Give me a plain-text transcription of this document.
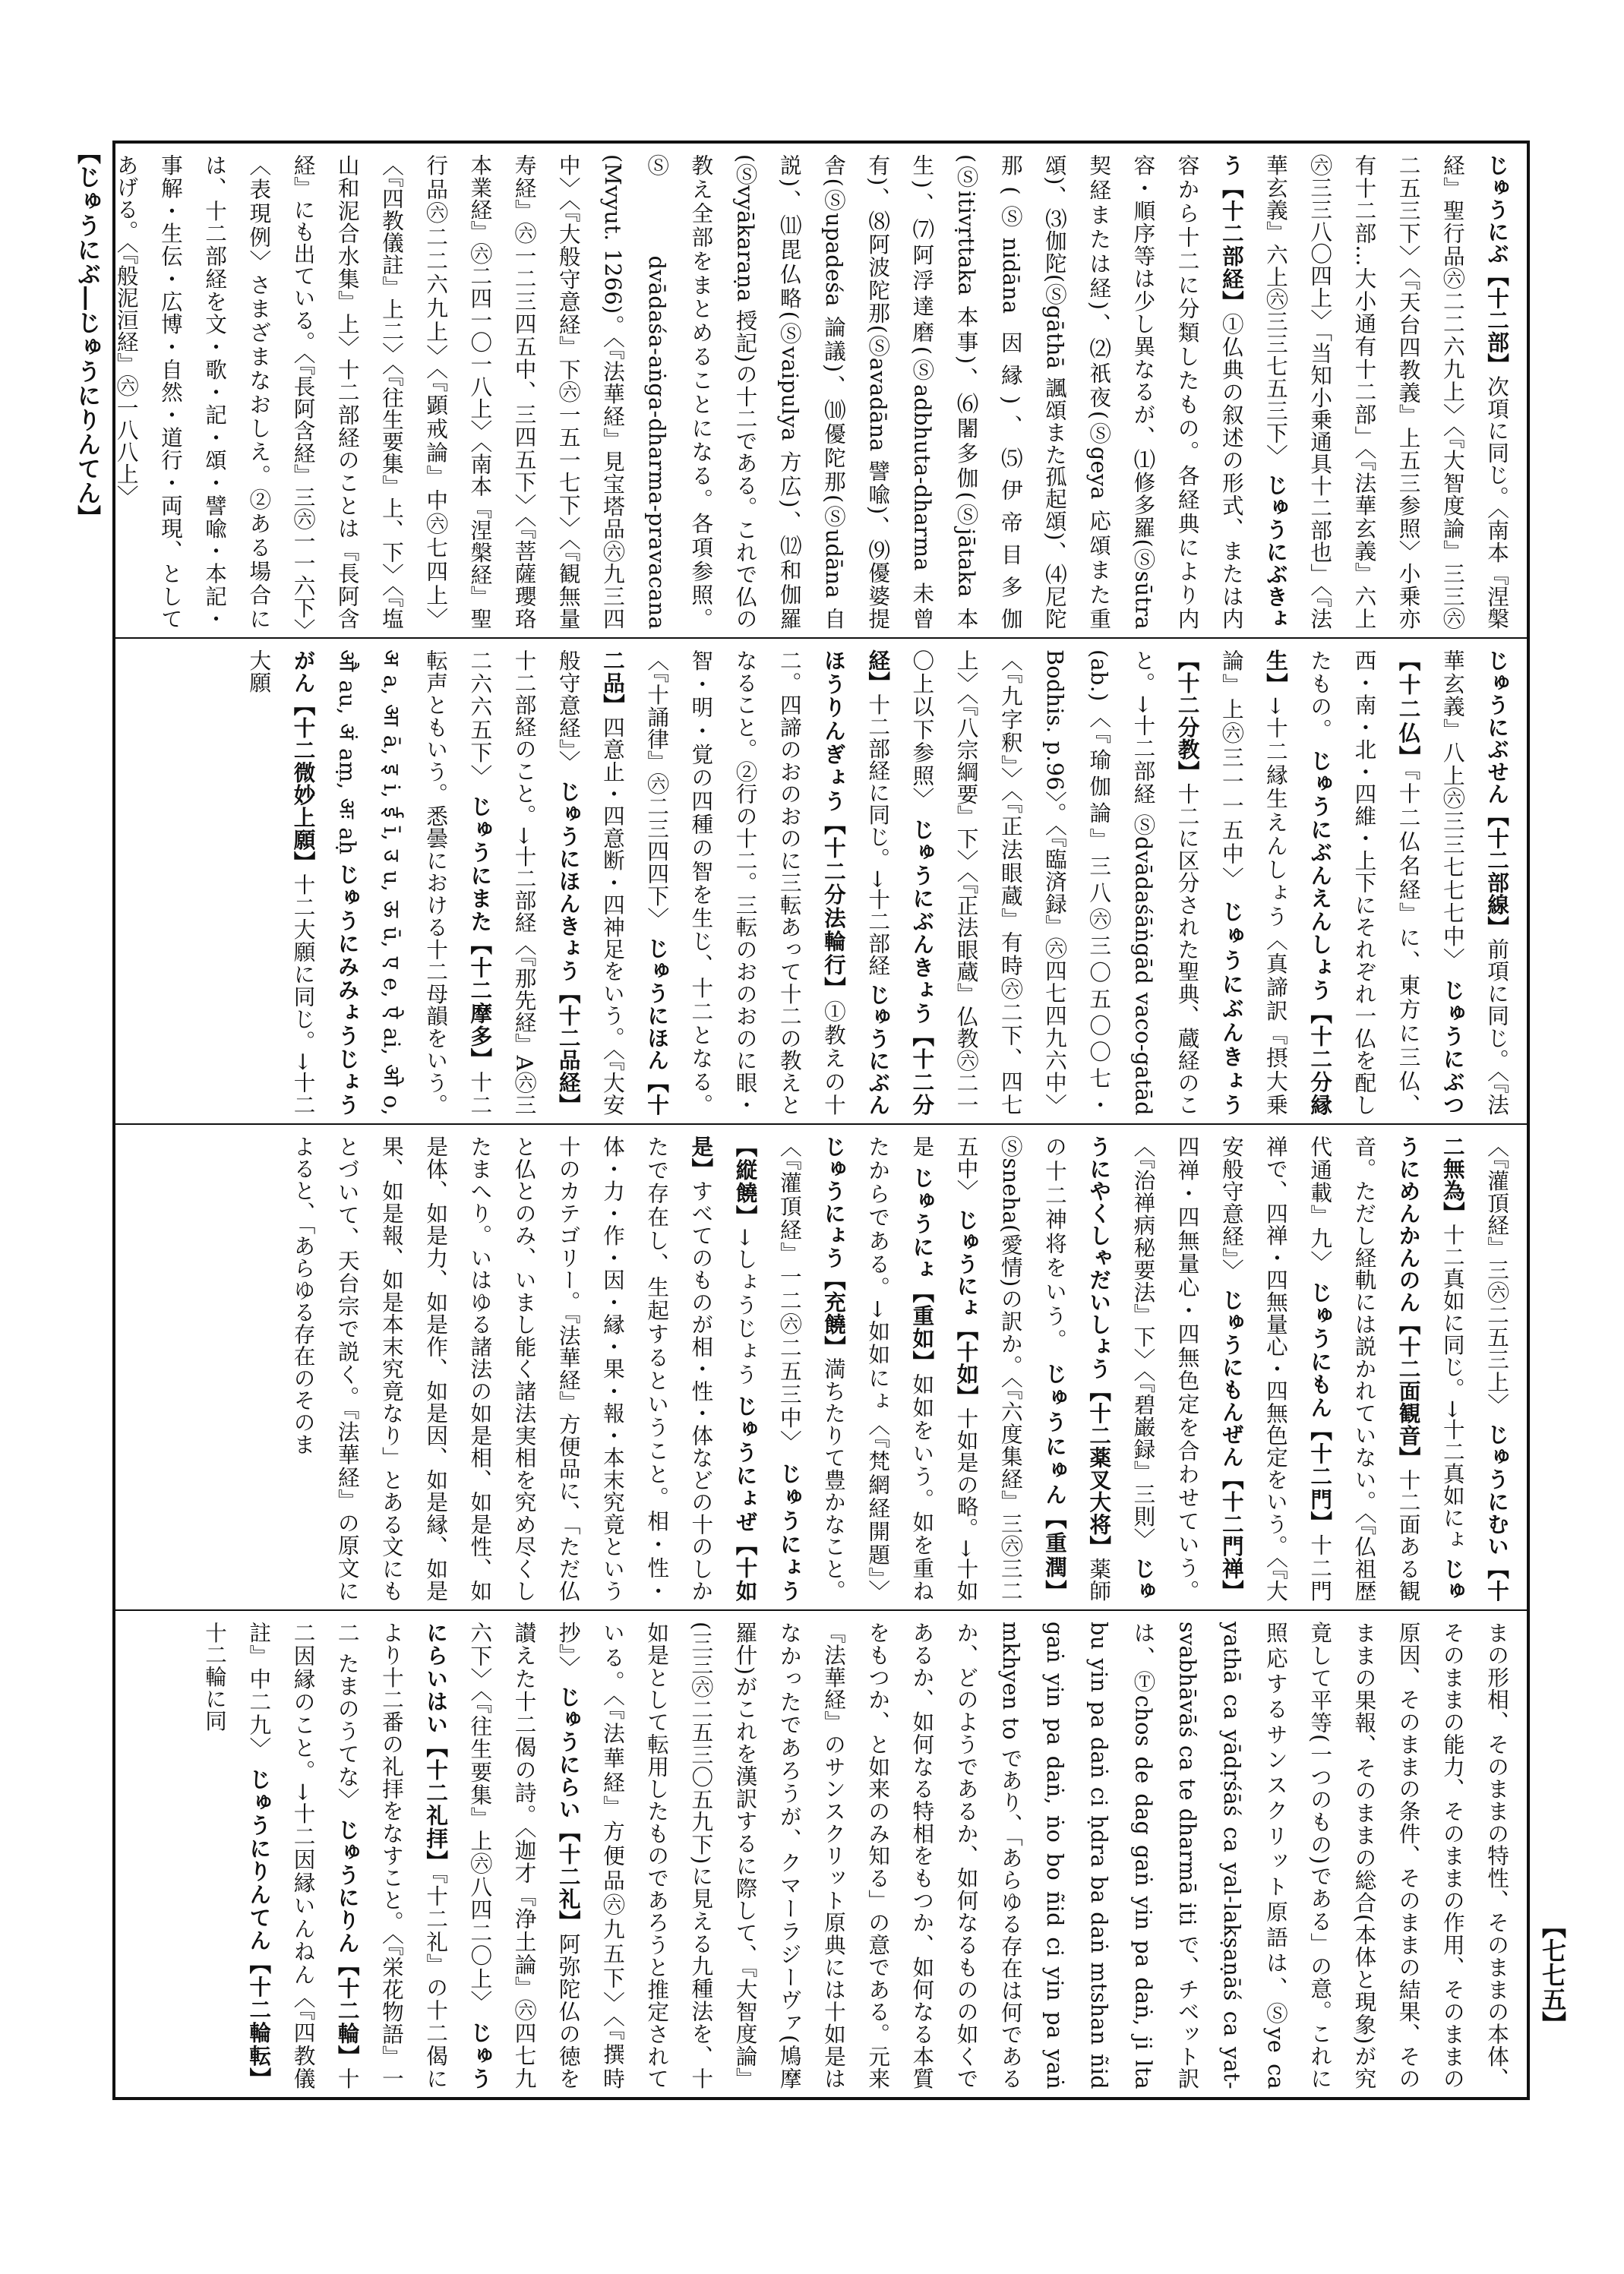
【じゅうにぶ―じゅうにりんてん】	じゅうにぶ【十二部】次項に同じ。〈南本『涅槃経』聖行品㊅二二六九上〉〈『大智度論』三三㊅二五三下〉〈『天台四教義』上五三参照〉小乗亦有十二部…大小通有十二部」〈『法華玄義』六上㊅三三八〇四上〉「当知小乗通具十二部也」〈『法華玄義』六上㊅三三七五三下〉 じゅうにぶきょう【十二部経】①仏典の叙述の形式、または内容から十二に分類したもの。各経典により内容・順序等は少し異なるが、⑴修多羅(Ⓢsūtra 契経または経)、⑵祇夜(Ⓢgeya 応頌また重頌)、⑶伽陀(Ⓢgāthā 諷頌また孤起頌)、⑷尼陀那(Ⓢnidāna 因縁)、⑸伊帝目多伽(Ⓢitivṛttaka 本事)、⑹闍多伽(Ⓢjātaka 本生)、⑺阿浮達磨(Ⓢadbhuta-dharma 未曾有)、⑻阿波陀那(Ⓢavadāna 譬喩)、⑼優婆提舎(Ⓢupadeśa 論議)、⑽優陀那(Ⓢudāna 自説)、⑾毘仏略(Ⓢvaipulya 方広)、⑿和伽羅(Ⓢvyākaraṇa 授記)の十二である。これで仏の教え全部をまとめることになる。各項参照。Ⓢdvādaśa-aṅga-dharma-pravacana (Mvyut. 1266)。〈『法華経』見宝塔品㊅九三四中〉〈『大般守意経』下㊅一五一七下〉〈『観無量寿経』㊅一二三四五中、三四五下〉〈『菩薩瓔珞本業経』㊅二四一〇一八上〉〈南本『涅槃経』聖行品㊅二二六九上〉〈『顕戒論』中㊅七四上〉〈『四教儀註』上二〉〈『往生要集』上、下〉〈『塩山和泥合水集』上〉十二部経のことは『長阿含経』にも出ている。〈『長阿含経』三㊅一一六下〉〈表現例〉さまざまなおしえ。②ある場合には、十二部経を文・歌・記・頌・譬喩・本記・事解・生伝・広博・自然・道行・両現、としてあげる。〈『般泥洹経』㊅一八八上〉
じゅうにぶせん【十二部線】前項に同じ。〈『法華玄義』八上㊅三三七七七中〉 じゅうにぶつ【十二仏】『十二仏名経』に、東方に三仏、西・南・北・四維・上下にそれぞれ一仏を配したもの。 じゅうにぶんえんしょう【十二分縁生】→十二縁生えんしょう〈真諦訳『摂大乗論』上㊅三一一五中〉 じゅうにぶんきょう【十二分教】十二に区分された聖典、蔵経のこと。→十二部経 Ⓢdvādaśāṅgād vaco-gatād (ab.)〈『瑜伽論』三八㊅三〇五〇〇七・Bodhis. p.96〉。〈『臨済録』㊅四七四九六中〉〈『九字釈』〉〈『正法眼蔵』有時㊅二下、四七上〉〈『八宗綱要』下〉〈『正法眼蔵』仏教㊅二一〇上以下参照〉 じゅうにぶんきょう【十二分経】十二部経に同じ。→十二部経 じゅうにぶんほうりんぎょう【十二分法輪行】①教えの十二。四諦のおのおのに三転あって十二の教えとなること。②行の十二。三転のおのおのに眼・智・明・覚の四種の智を生じ、十二となる。〈『十誦律』㊅二三四四下〉 じゅうにほん【十二品】四意止・四意断・四神足をいう。〈『大安般守意経』〉 じゅうにほんきょう【十二品経】十二部経のこと。→十二部経〈『那先経』A㊅三二六六五下〉 じゅうにまた【十二摩多】十二転声ともいう。悉曇における十二母韻をいう。अ a, आ ā, इ i, ई ī, उ u, ऊ ū, ए e, ऐ ai, ओ o, औ au, अं aṃ, अः aḥ じゅうにみみょうじょうがん【十二微妙上願】十二大願に同じ。→十二大願
〈『灌頂経』三㊅二五三上〉 じゅうにむい【十二無為】十二真如に同じ。→十二真如にょ じゅうにめんかんのん【十二面観音】十二面ある観音。ただし経軌には説かれていない。〈『仏祖歴代通載』九〉 じゅうにもん【十二門】十二門禅で、四禅・四無量心・四無色定をいう。〈『大安般守意経』〉 じゅうにもんぜん【十二門禅】四禅・四無量心・四無色定を合わせていう。〈『治禅病秘要法』下〉〈『碧巌録』三則〉 じゅうにやくしゃだいしょう【十二薬叉大将】薬師の十二神将をいう。 じゅうにゅん【重潤】Ⓢsneha(愛情)の訳か。〈『六度集経』三㊅三二五中〉 じゅうにょ【十如】十如是の略。→十如是 じゅうにょ【重如】如如をいう。如を重ねたからである。→如如にょ〈『梵網経開題』〉 じゅうにょう【充饒】満ちたりて豊かなこと。〈『灌頂経』一二㊅二五三中〉 じゅうにょう【縦饒】→しょうじょう じゅうにょぜ【十如是】すべてのものが相・性・体などの十のしかたで存在し、生起するということ。相・性・体・力・作・因・縁・果・報・本末究竟という十のカテゴリー。『法華経』方便品に、「ただ仏と仏とのみ、いまし能く諸法実相を究め尽くしたまへり。いはゆる諸法の如是相、如是性、如是体、如是力、如是作、如是因、如是縁、如是果、如是報、如是本末究竟なり」とある文にもとづいて、天台宗で説く。『法華経』の原文によると、「あらゆる存在のそのま
まの形相、そのままの特性、そのままの本体、そのままの能力、そのままの作用、そのままの原因、そのままの条件、そのままの結果、そのままの果報、そのままの総合(本体と現象)が究竟して平等(一つのもの)である」の意。これに照応するサンスクリット原語は、Ⓢye ca yathā ca yādṛśāś ca yal-lakṣaṇāś ca yat-svabhāvāś ca te dharmā iti で、チベット訳は、Ⓣchos de dag gaṅ yin pa daṅ, ji lta bu yin pa daṅ ci ḥdra ba daṅ mtshan ñid gaṅ yin pa daṅ, ṅo bo ñid ci yin pa yaṅ mkhyen to であり、「あらゆる存在は何であるか、どのようであるか、如何なるものの如くであるか、如何なる特相をもつか、如何なる本質をもつか、と如来のみ知る」の意である。元来『法華経』のサンスクリット原典には十如是はなかったであろうが、クマーラジーヴァ(鳩摩羅什)がこれを漢訳するに際して、『大智度論』(三三㊅二五三〇五九下)に見える九種法を、十如是として転用したものであろうと推定されている。〈『法華経』方便品㊅九五下〉〈『撰時抄』〉 じゅうにらい【十二礼】阿弥陀仏の徳を讃えた十二偈の詩。〈迦才『浄土論』㊅四七九六下〉〈『往生要集』上㊅八四二〇上〉 じゅうにらいはい【十二礼拝】『十二礼』の十二偈により十二番の礼拝をなすこと。〈『栄花物語』一二 たまのうてな〉 じゅうにりん【十二輪】十二因縁のこと。→十二因縁いんねん〈『四教儀註』中二九〉 じゅうにりんてん【十二輪転】十二輪に同
【七七五】
